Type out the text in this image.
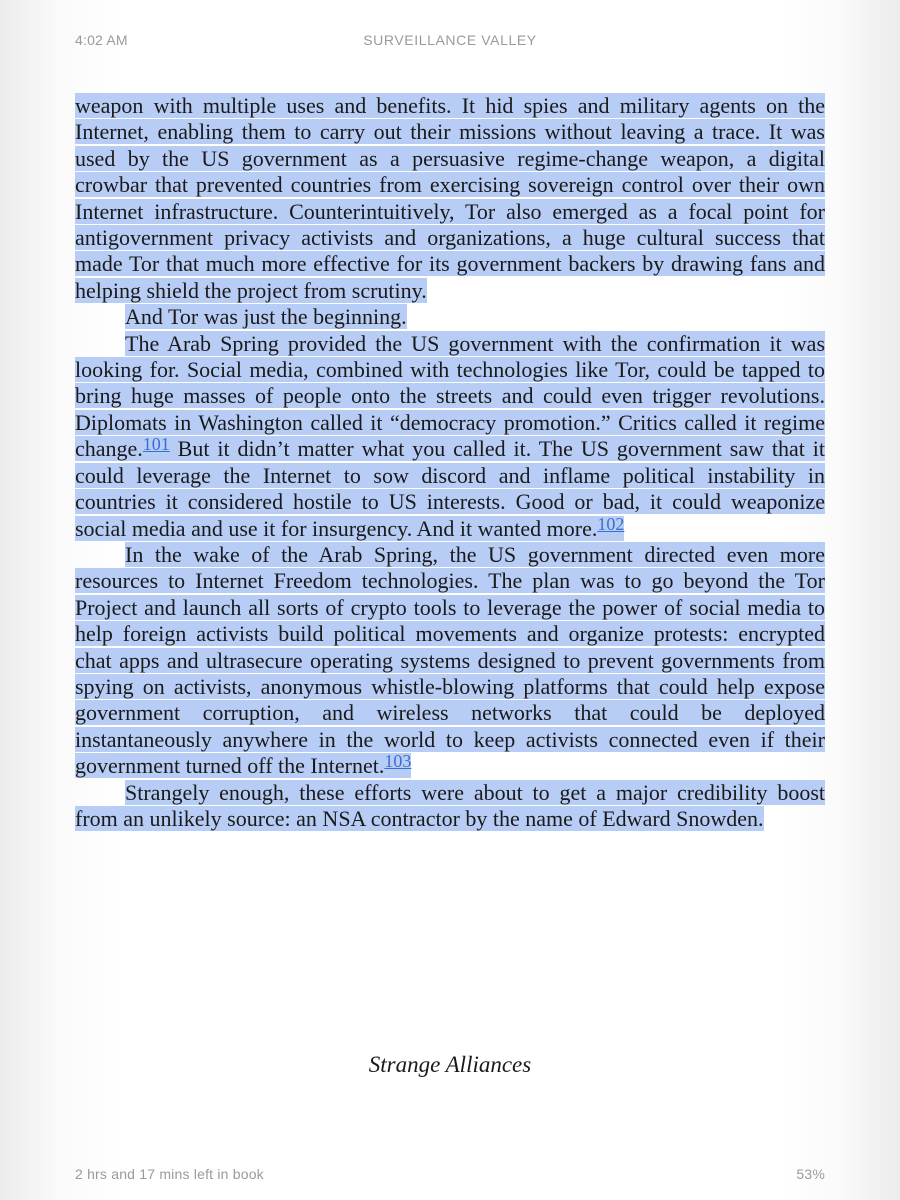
4:02 AM	SURVEILLANCE VALLEY

weapon with multiple uses and benefits. It hid spies and military agents on the Internet, enabling them to carry out their missions without leaving a trace. It was used by the US government as a persuasive regime-change weapon, a digital crowbar that prevented countries from exercising sovereign control over their own Internet infrastructure. Counterintuitively, Tor also emerged as a focal point for antigovernment privacy activists and organizations, a huge cultural success that made Tor that much more effective for its government backers by drawing fans and helping shield the project from scrutiny.

And Tor was just the beginning.

The Arab Spring provided the US government with the confirmation it was looking for. Social media, combined with technologies like Tor, could be tapped to bring huge masses of people onto the streets and could even trigger revolutions. Diplomats in Washington called it “democracy promotion.” Critics called it regime change.$^{101}$ But it didn’t matter what you called it. The US government saw that it could leverage the Internet to sow discord and inflame political instability in countries it considered hostile to US interests. Good or bad, it could weaponize social media and use it for insurgency. And it wanted more.$^{102}$

In the wake of the Arab Spring, the US government directed even more resources to Internet Freedom technologies. The plan was to go beyond the Tor Project and launch all sorts of crypto tools to leverage the power of social media to help foreign activists build political movements and organize protests: encrypted chat apps and ultrasecure operating systems designed to prevent governments from spying on activists, anonymous whistle-blowing platforms that could help expose government corruption, and wireless networks that could be deployed instantaneously anywhere in the world to keep activists connected even if their government turned off the Internet.$^{103}$

Strangely enough, these efforts were about to get a major credibility boost from an unlikely source: an NSA contractor by the name of Edward Snowden.

Strange Alliances
2 hrs and 17 mins left in book	53%
